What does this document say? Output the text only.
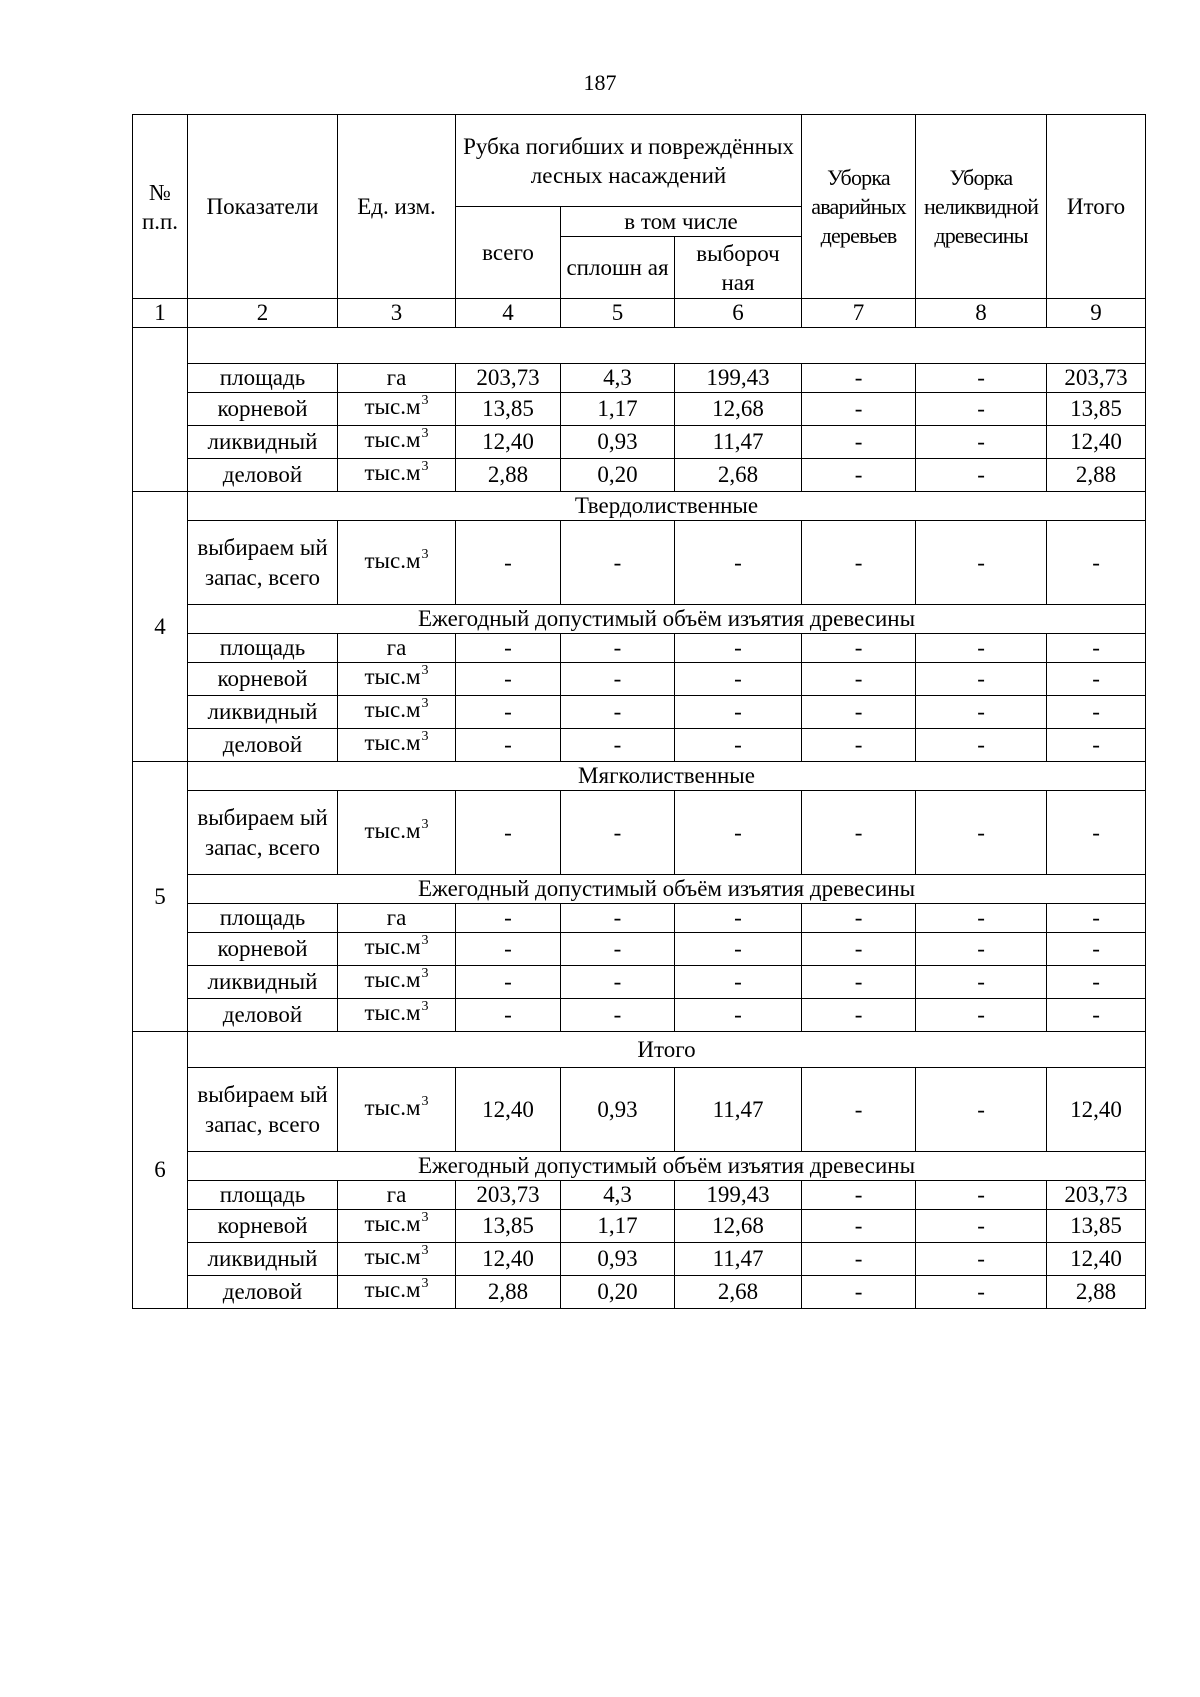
187
№ п.п.	Показатели	Ед. изм.	Рубка погибших и повреждённых лесных насаждений			Уборка аварийных деревьев	Уборка неликвидной древесины	Итого
			всего	в том числе				
				сплошн ая	выбороч ная			
1	2	3	4	5	6	7	8	9

	площадь	га	203,73	4,3	199,43	-	-	203,73
	корневой	$тыс.м^3$	13,85	1,17	12,68	-	-	13,85
	ликвидный	$тыс.м^3$	12,40	0,93	11,47	-	-	12,40
	деловой	$тыс.м^3$	2,88	0,20	2,68	-	-	2,88
4	Твердолиственные							
	выбираем ый запас, всего	$тыс.м^3$	-	-	-	-	-	-
	Ежегодный допустимый объём изъятия древесины							
	площадь	га	-	-	-	-	-	-
	корневой	$тыс.м^3$	-	-	-	-	-	-
	ликвидный	$тыс.м^3$	-	-	-	-	-	-
	деловой	$тыс.м^3$	-	-	-	-	-	-
5	Мягколиственные							
	выбираем ый запас, всего	$тыс.м^3$	-	-	-	-	-	-
	Ежегодный допустимый объём изъятия древесины							
	площадь	га	-	-	-	-	-	-
	корневой	$тыс.м^3$	-	-	-	-	-	-
	ликвидный	$тыс.м^3$	-	-	-	-	-	-
	деловой	$тыс.м^3$	-	-	-	-	-	-
6	Итого							
	выбираем ый запас, всего	$тыс.м^3$	12,40	0,93	11,47	-	-	12,40
	Ежегодный допустимый объём изъятия древесины							
	площадь	га	203,73	4,3	199,43	-	-	203,73
	корневой	$тыс.м^3$	13,85	1,17	12,68	-	-	13,85
	ликвидный	$тыс.м^3$	12,40	0,93	11,47	-	-	12,40
	деловой	$тыс.м^3$	2,88	0,20	2,68	-	-	2,88
